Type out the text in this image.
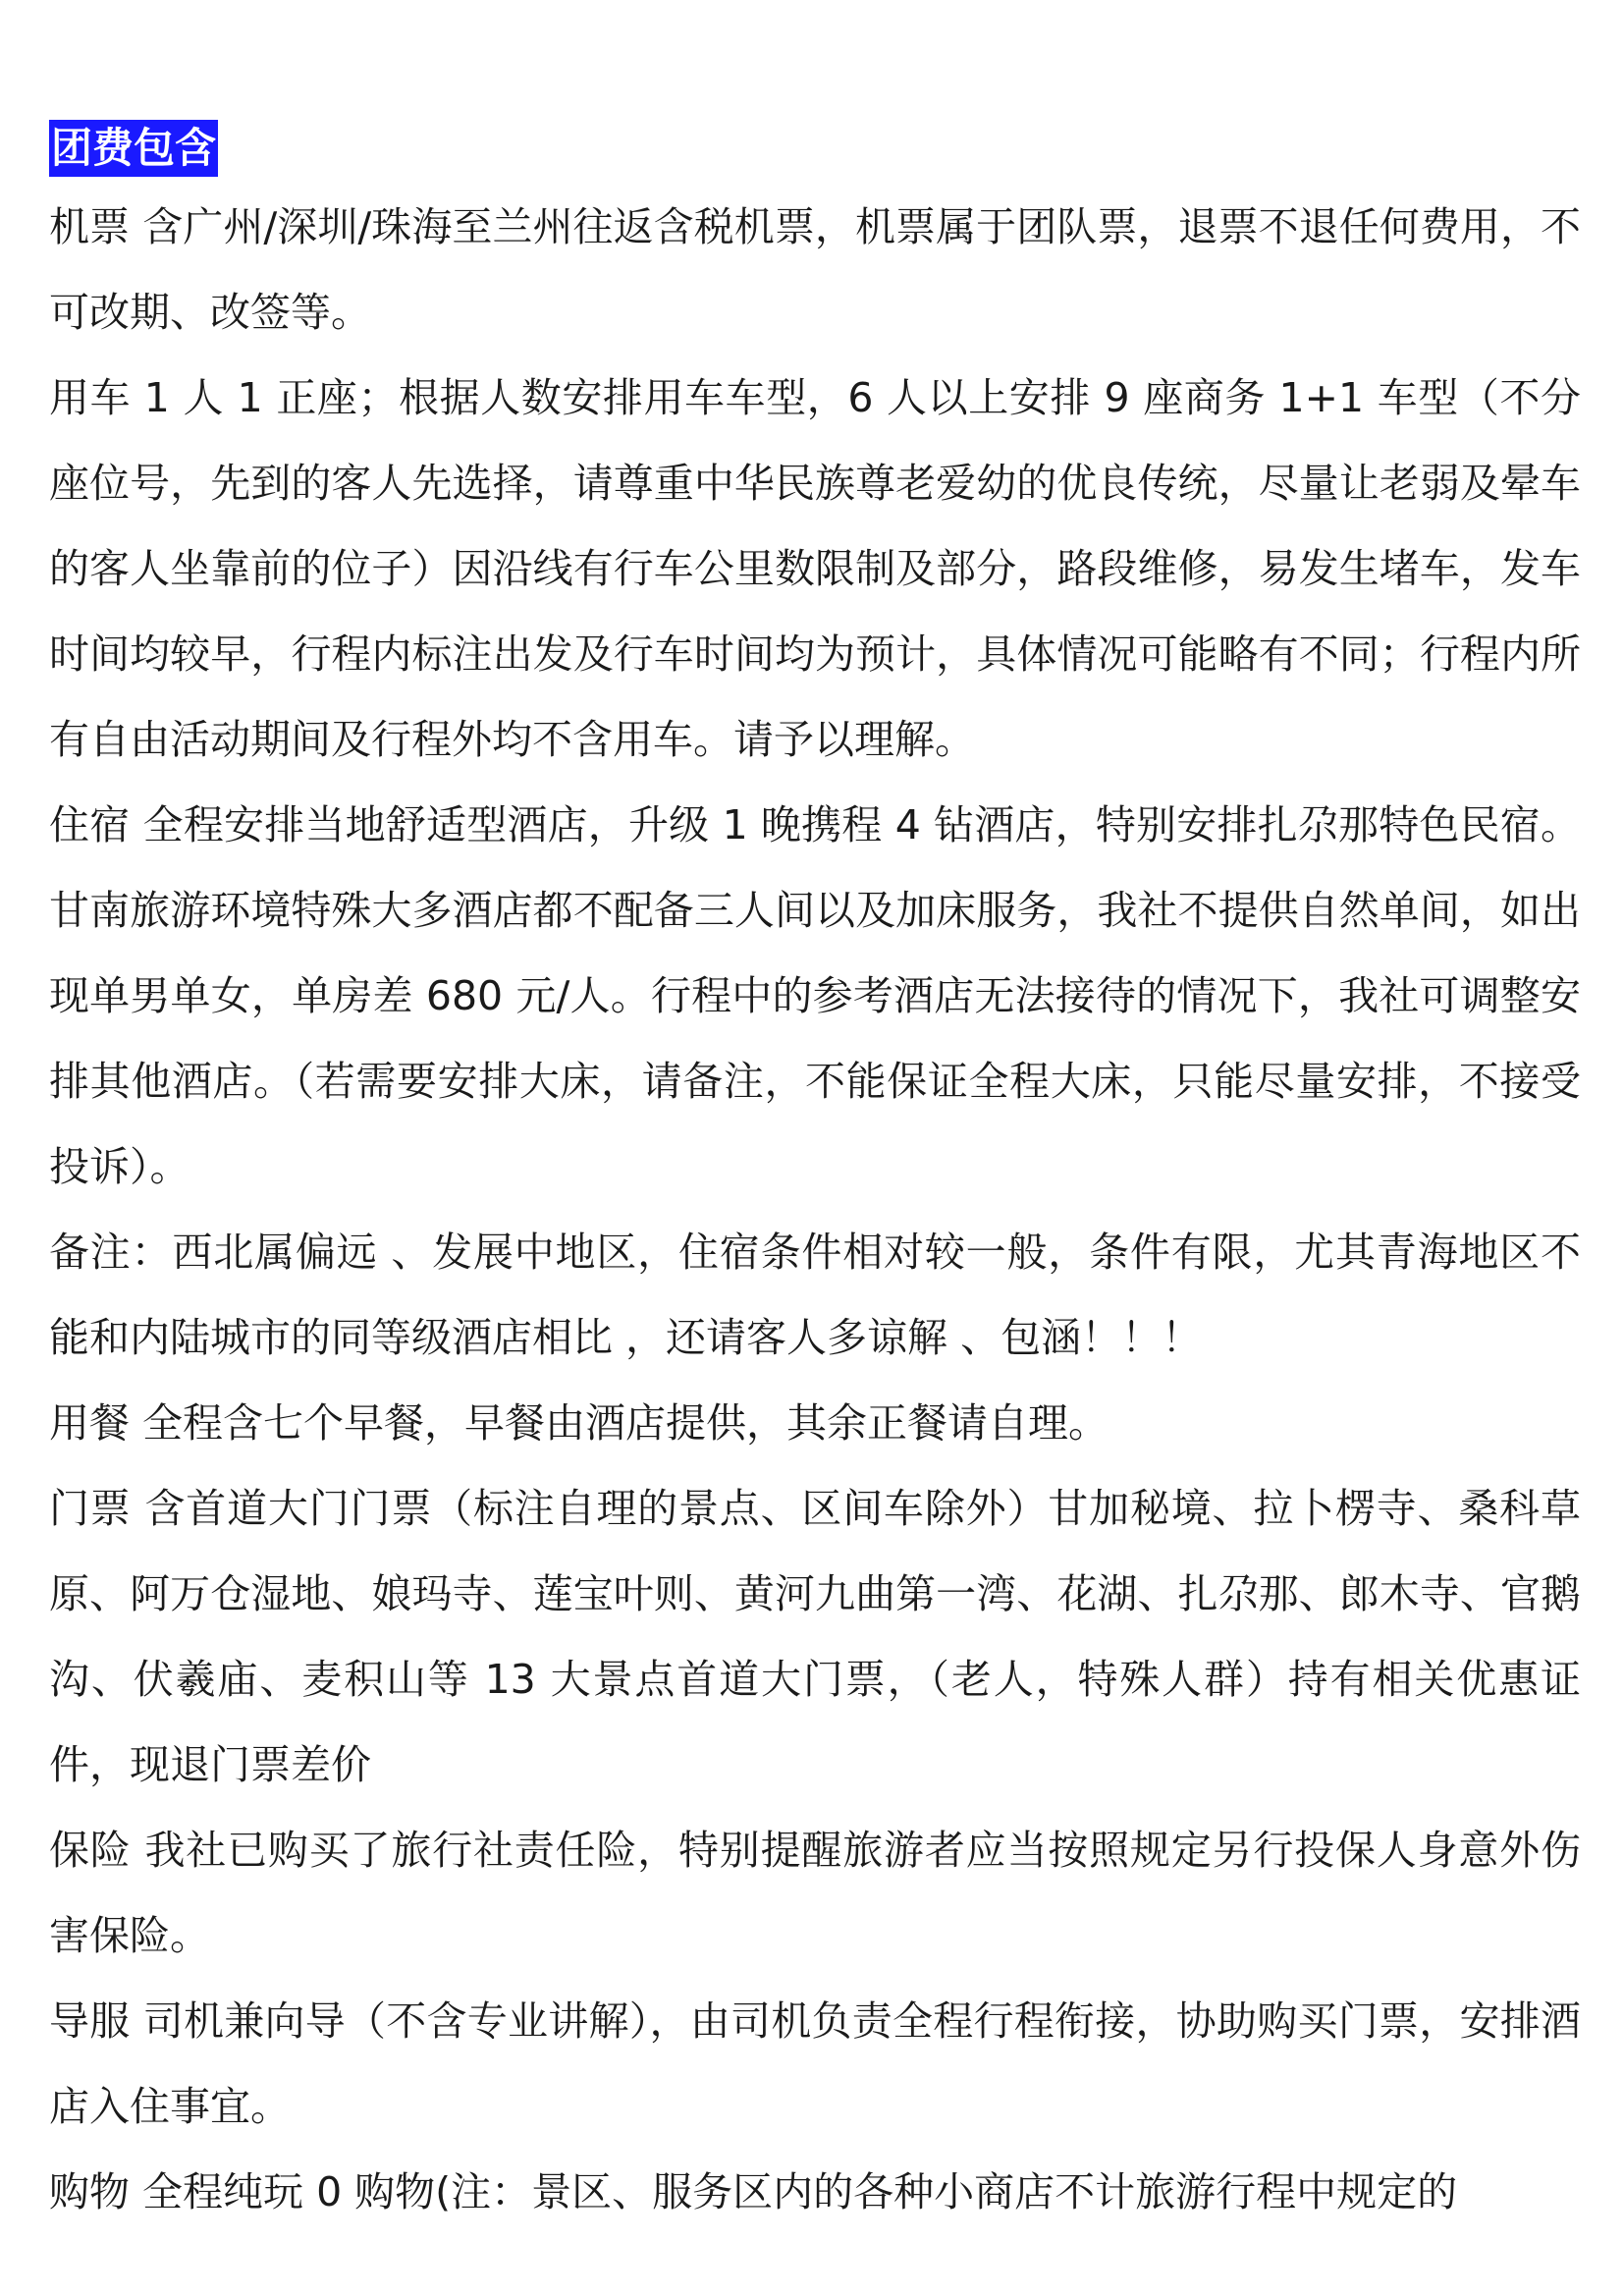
团费包含

机票 含广州/深圳/珠海至兰州往返含税机票，机票属于团队票，退票不退任何费用，不可改期、改签等。

用车 1 人 1 正座；根据人数安排用车车型，6 人以上安排 9 座商务 1+1 车型（不分座位号，先到的客人先选择，请尊重中华民族尊老爱幼的优良传统，尽量让老弱及晕车的客人坐靠前的位子）因沿线有行车公里数限制及部分，路段维修，易发生堵车，发车时间均较早，行程内标注出发及行车时间均为预计，具体情况可能略有不同；行程内所有自由活动期间及行程外均不含用车。请予以理解。

住宿 全程安排当地舒适型酒店，升级 1 晚携程 4 钻酒店，特别安排扎尕那特色民宿。甘南旅游环境特殊大多酒店都不配备三人间以及加床服务，我社不提供自然单间，如出现单男单女，单房差 680 元/人。行程中的参考酒店无法接待的情况下，我社可调整安排其他酒店。（若需要安排大床，请备注，不能保证全程大床，只能尽量安排，不接受投诉）。

备注：西北属偏远 、发展中地区，住宿条件相对较一般，条件有限，尤其青海地区不能和内陆城市的同等级酒店相比 ，还请客人多谅解 、包涵！！！

用餐 全程含七个早餐，早餐由酒店提供，其余正餐请自理。

门票 含首道大门门票（标注自理的景点、区间车除外）甘加秘境、拉卜楞寺、桑科草原、阿万仓湿地、娘玛寺、莲宝叶则、黄河九曲第一湾、花湖、扎尕那、郎木寺、官鹅沟、伏羲庙、麦积山等 13 大景点首道大门票，（老人，特殊人群）持有相关优惠证件，现退门票差价

保险 我社已购买了旅行社责任险，特别提醒旅游者应当按照规定另行投保人身意外伤害保险。

导服 司机兼向导（不含专业讲解），由司机负责全程行程衔接，协助购买门票，安排酒店入住事宜。

购物 全程纯玩 0 购物(注：景区、服务区内的各种小商店不计旅游行程中规定的
